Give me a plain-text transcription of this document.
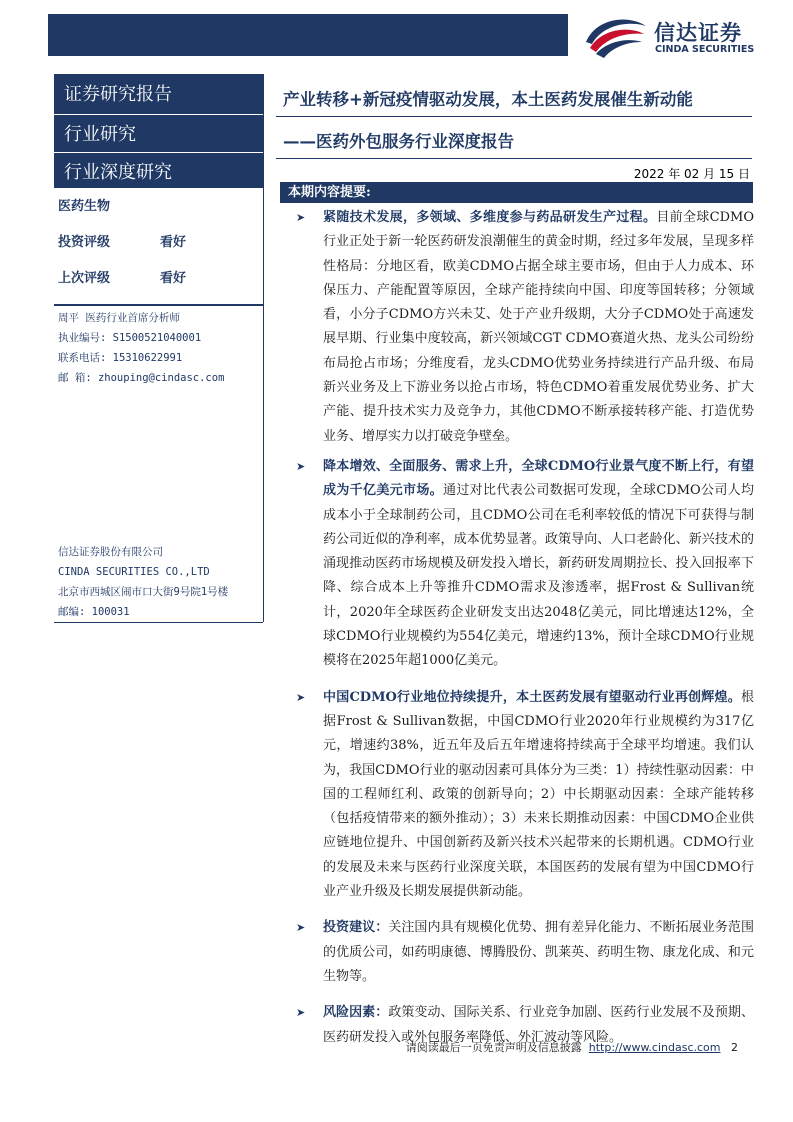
信达证券
CINDA SECURITIES
证券研究报告
行业研究
行业深度研究
医药生物
投资评级	看好
上次评级	看好
周平 医药行业首席分析师
执业编号: S1500521040001
联系电话: 15310622991
邮 箱: zhouping@cindasc.com
信达证券股份有限公司
CINDA SECURITIES CO.,LTD
北京市西城区闹市口大街9号院1号楼
邮编: 100031
产业转移+新冠疫情驱动发展，本土医药发展催生新动能
——医药外包服务行业深度报告
2022 年 02 月 15 日
本期内容提要:
➤ 紧随技术发展，多领域、多维度参与药品研发生产过程。目前全球CDMO行业正处于新一轮医药研发浪潮催生的黄金时期，经过多年发展，呈现多样性格局：分地区看，欧美CDMO占据全球主要市场，但由于人力成本、环保压力、产能配置等原因，全球产能持续向中国、印度等国转移；分领域看，小分子CDMO方兴未艾、处于产业升级期，大分子CDMO处于高速发展早期、行业集中度较高，新兴领域CGT CDMO赛道火热、龙头公司纷纷布局抢占市场；分维度看，龙头CDMO优势业务持续进行产品升级、布局新兴业务及上下游业务以抢占市场，特色CDMO着重发展优势业务、扩大产能、提升技术实力及竞争力，其他CDMO不断承接转移产能、打造优势业务、增厚实力以打破竞争壁垒。
➤ 降本增效、全面服务、需求上升，全球CDMO行业景气度不断上行，有望成为千亿美元市场。通过对比代表公司数据可发现，全球CDMO公司人均成本小于全球制药公司，且CDMO公司在毛利率较低的情况下可获得与制药公司近似的净利率，成本优势显著。政策导向、人口老龄化、新兴技术的涌现推动医药市场规模及研发投入增长，新药研发周期拉长、投入回报率下降、综合成本上升等推升CDMO需求及渗透率，据Frost & Sullivan统计，2020年全球医药企业研发支出达2048亿美元，同比增速达12%，全球CDMO行业规模约为554亿美元，增速约13%，预计全球CDMO行业规模将在2025年超1000亿美元。
➤ 中国CDMO行业地位持续提升，本土医药发展有望驱动行业再创辉煌。根据Frost & Sullivan数据，中国CDMO行业2020年行业规模约为317亿元，增速约38%，近五年及后五年增速将持续高于全球平均增速。我们认为，我国CDMO行业的驱动因素可具体分为三类：1）持续性驱动因素：中国的工程师红利、政策的创新导向；2）中长期驱动因素：全球产能转移（包括疫情带来的额外推动）；3）未来长期推动因素：中国CDMO企业供应链地位提升、中国创新药及新兴技术兴起带来的长期机遇。CDMO行业的发展及未来与医药行业深度关联，本国医药的发展有望为中国CDMO行业产业升级及长期发展提供新动能。
➤ 投资建议：关注国内具有规模化优势、拥有差异化能力、不断拓展业务范围的优质公司，如药明康德、博腾股份、凯莱英、药明生物、康龙化成、和元生物等。
➤ 风险因素：政策变动、国际关系、行业竞争加剧、医药行业发展不及预期、医药研发投入或外包服务率降低、外汇波动等风险。
请阅读最后一页免责声明及信息披露 http://www.cindasc.com 2
